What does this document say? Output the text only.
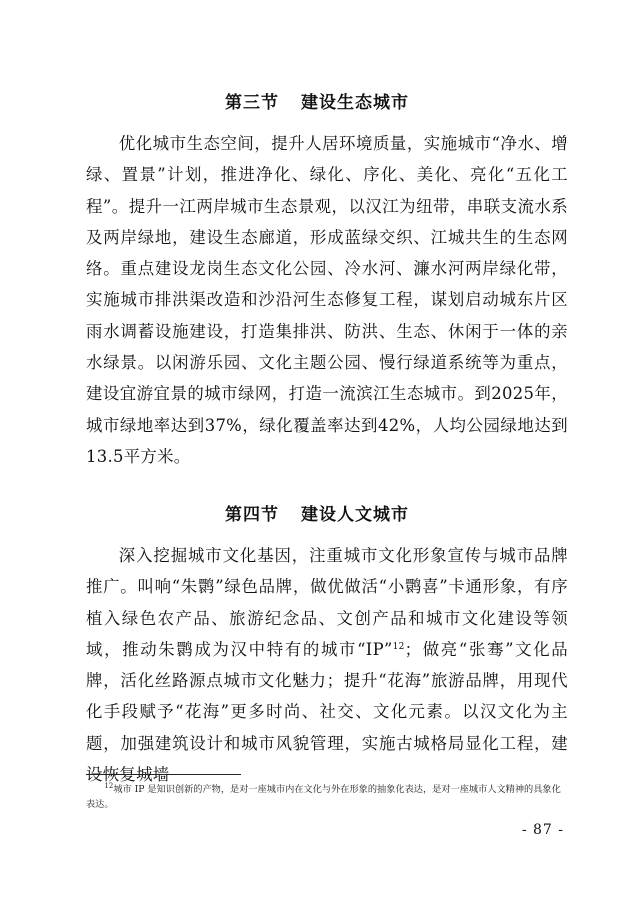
第三节 建设生态城市

优化城市生态空间，提升人居环境质量，实施城市“净水、增绿、置景”计划，推进净化、绿化、序化、美化、亮化“五化工程”。提升一江两岸城市生态景观，以汉江为纽带，串联支流水系及两岸绿地，建设生态廊道，形成蓝绿交织、江城共生的生态网络。重点建设龙岗生态文化公园、冷水河、濂水河两岸绿化带，实施城市排洪渠改造和沙沿河生态修复工程，谋划启动城东片区雨水调蓄设施建设，打造集排洪、防洪、生态、休闲于一体的亲水绿景。以闲游乐园、文化主题公园、慢行绿道系统等为重点，建设宜游宜景的城市绿网，打造一流滨江生态城市。到2025年，城市绿地率达到37%，绿化覆盖率达到42%，人均公园绿地达到13.5平方米。

第四节 建设人文城市

深入挖掘城市文化基因，注重城市文化形象宣传与城市品牌推广。叫响“朱鹮”绿色品牌，做优做活“小鹮喜”卡通形象，有序植入绿色农产品、旅游纪念品、文创产品和城市文化建设等领域，推动朱鹮成为汉中特有的城市“IP”$^{12}$；做亮“张骞”文化品牌，活化丝路源点城市文化魅力；提升“花海”旅游品牌，用现代化手段赋予“花海”更多时尚、社交、文化元素。以汉文化为主题，加强建筑设计和城市风貌管理，实施古城格局显化工程，建设恢复城墙

$^{12}$城市 IP 是知识创新的产物，是对一座城市内在文化与外在形象的抽象化表达，是对一座城市人文精神的具象化表达。

- 87 -
